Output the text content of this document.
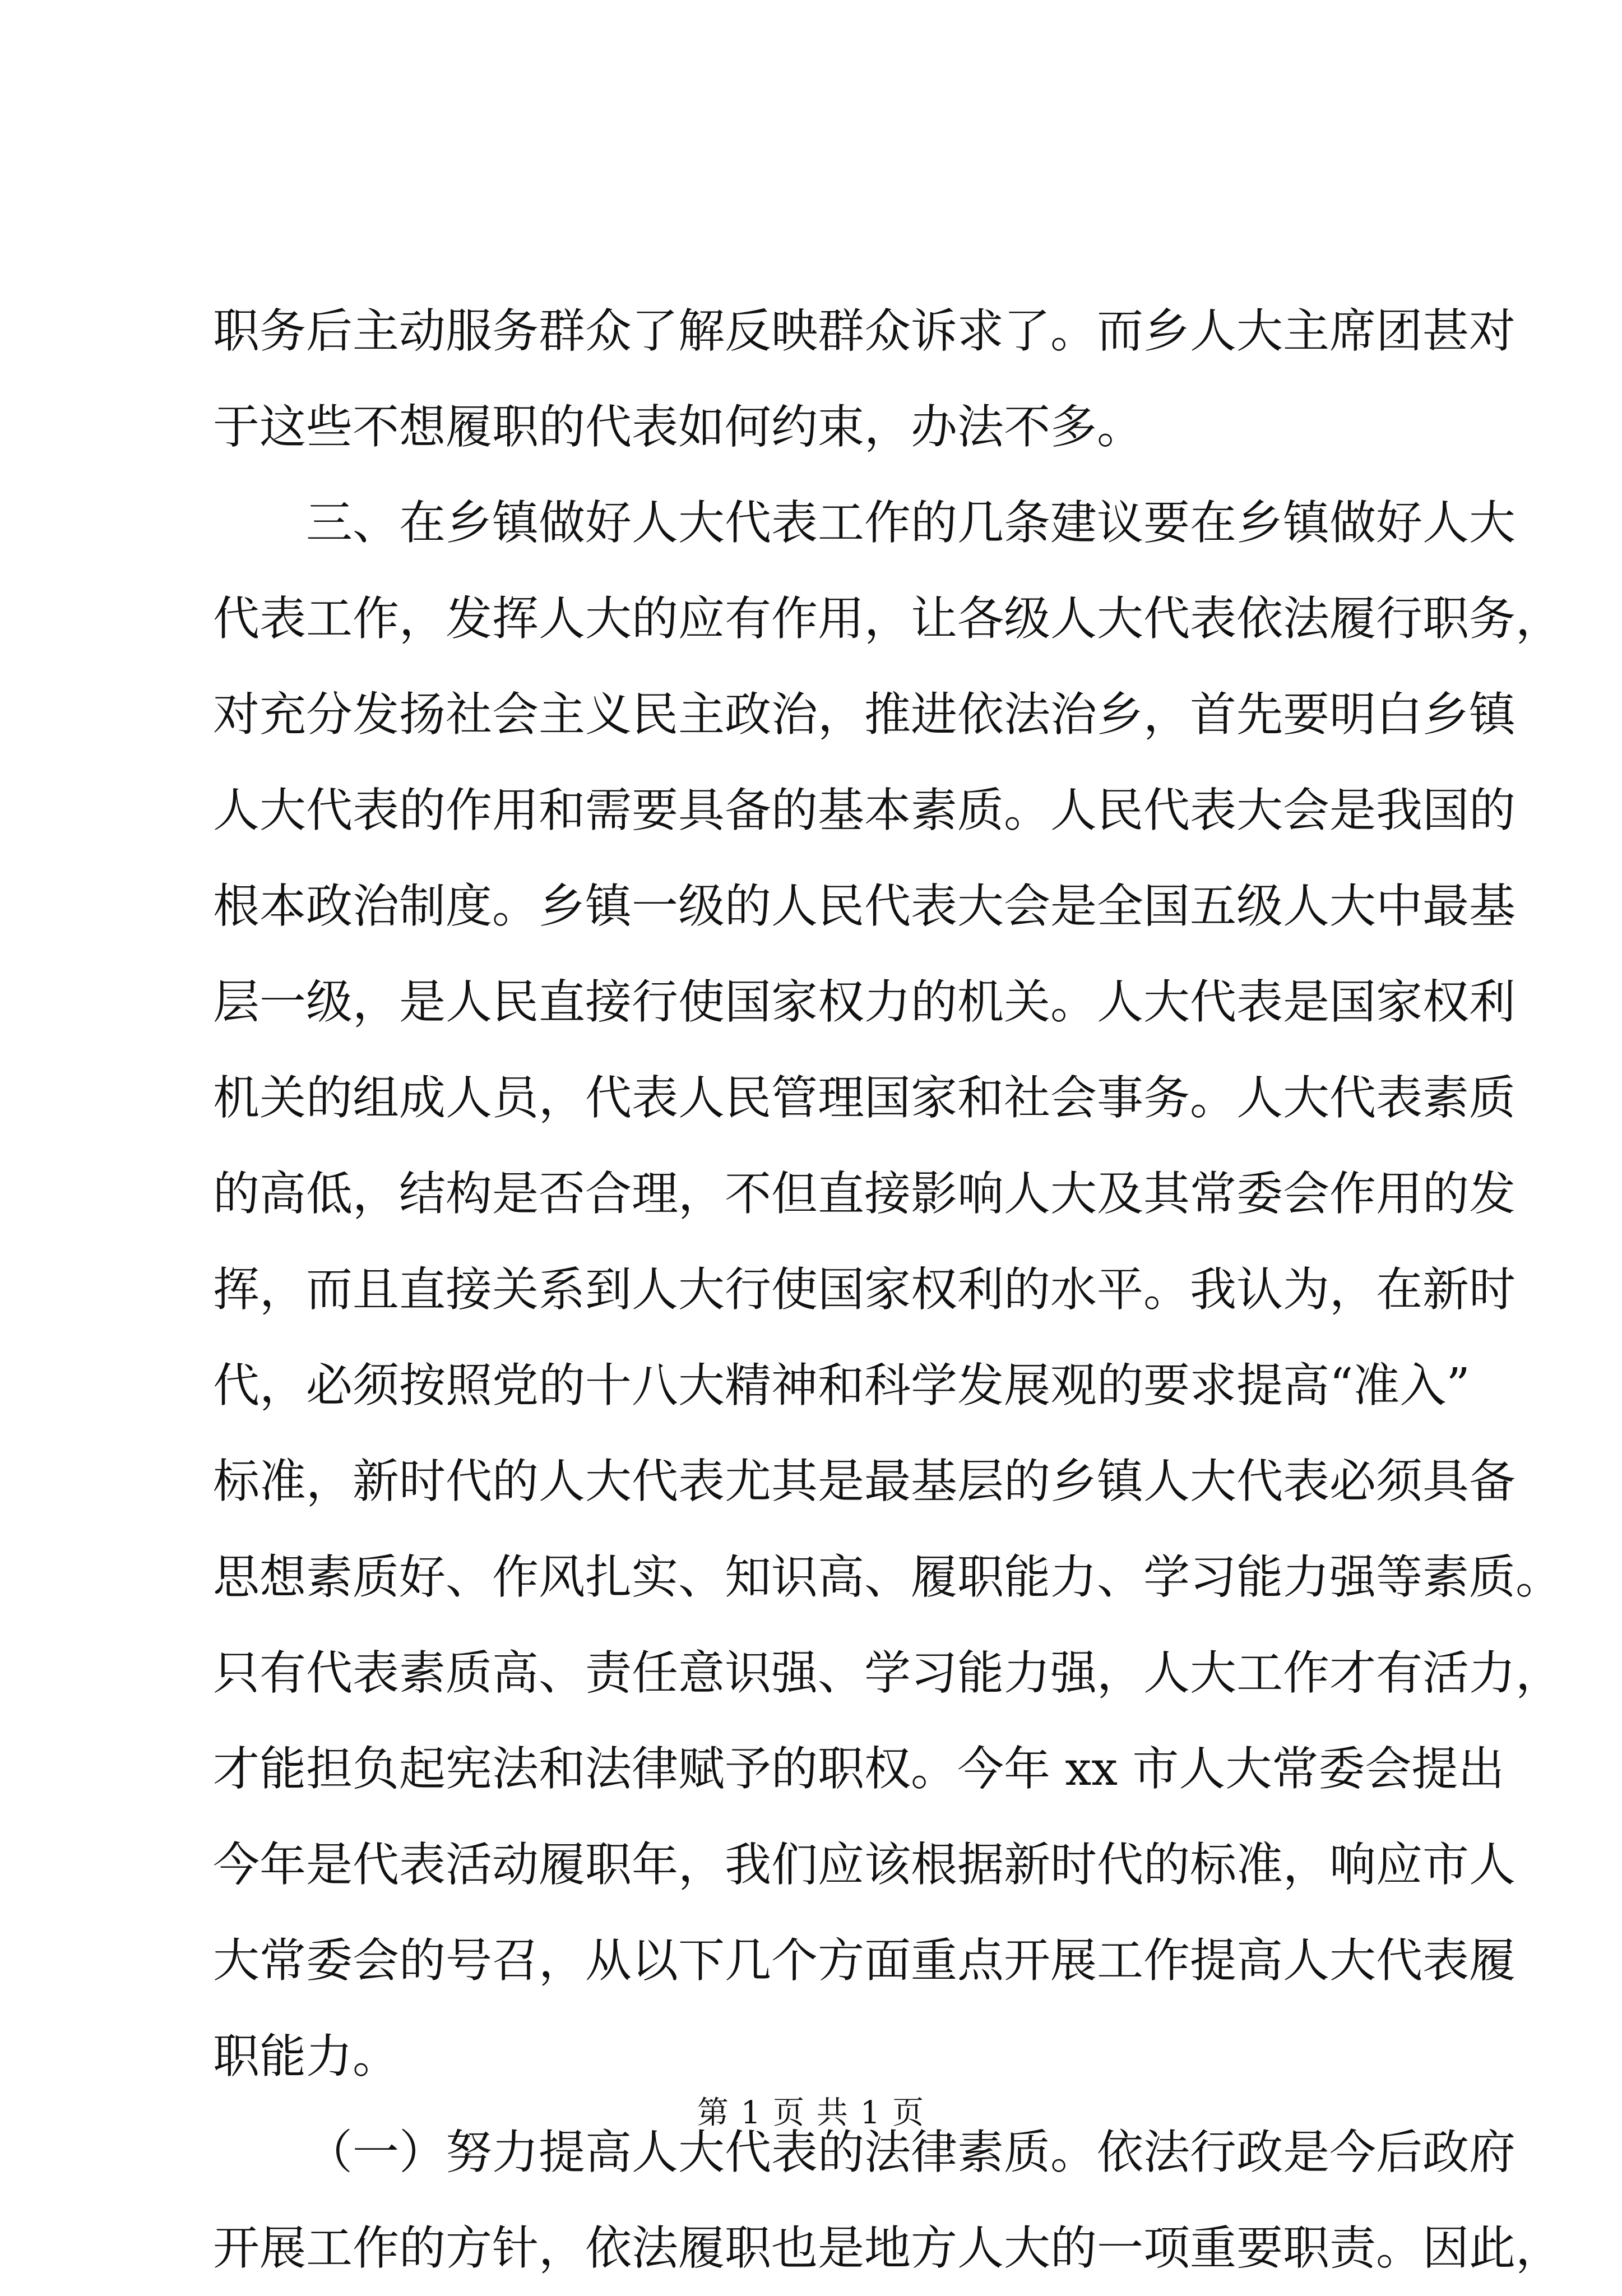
职务后主动服务群众了解反映群众诉求了。而乡人大主席团甚对
于这些不想履职的代表如何约束，办法不多。
三、在乡镇做好人大代表工作的几条建议要在乡镇做好人大
代表工作，发挥人大的应有作用，让各级人大代表依法履行职务，
对充分发扬社会主义民主政治，推进依法治乡，首先要明白乡镇
人大代表的作用和需要具备的基本素质。人民代表大会是我国的
根本政治制度。乡镇一级的人民代表大会是全国五级人大中最基
层一级，是人民直接行使国家权力的机关。人大代表是国家权利
机关的组成人员，代表人民管理国家和社会事务。人大代表素质
的高低，结构是否合理，不但直接影响人大及其常委会作用的发
挥，而且直接关系到人大行使国家权利的水平。我认为，在新时
代，必须按照党的十八大精神和科学发展观的要求提高“准入”
标准，新时代的人大代表尤其是最基层的乡镇人大代表必须具备
思想素质好、作风扎实、知识高、履职能力、学习能力强等素质。
只有代表素质高、责任意识强、学习能力强，人大工作才有活力，
才能担负起宪法和法律赋予的职权。今年 xx 市人大常委会提出
今年是代表活动履职年，我们应该根据新时代的标准，响应市人
大常委会的号召，从以下几个方面重点开展工作提高人大代表履
职能力。
（一）努力提高人大代表的法律素质。依法行政是今后政府
开展工作的方针，依法履职也是地方人大的一项重要职责。因此，
第 1 页 共 1 页
